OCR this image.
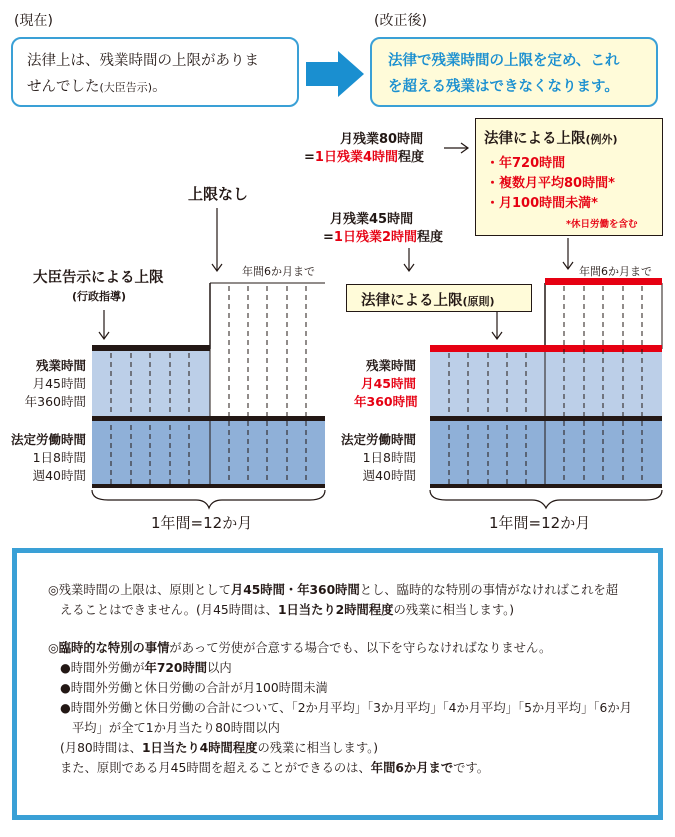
(現在)	(改正後)
法律上は、残業時間の上限がありま
せんでした(大臣告示)。
法律で残業時間の上限を定め、これ
を超える残業はできなくなります。
上限なし
大臣告示による上限
(行政指導)
年間6か月まで
残業時間
月45時間
年360時間
法定労働時間
1日8時間
週40時間
1年間=12か月
月残業80時間
=1日残業4時間程度
月残業45時間
=1日残業2時間程度
法律による上限(例外)
・年720時間
・複数月平均80時間*
・月100時間未満*
*休日労働を含む
法律による上限(原則)
年間6か月まで
残業時間
月45時間
年360時間
法定労働時間
1日8時間
週40時間
1年間=12か月
◎残業時間の上限は、原則として月45時間・年360時間とし、臨時的な特別の事情がなければこれを超
えることはできません。(月45時間は、1日当たり2時間程度の残業に相当します。)
◎臨時的な特別の事情があって労使が合意する場合でも、以下を守らなければなりません。
●時間外労働が年720時間以内
●時間外労働と休日労働の合計が月100時間未満
●時間外労働と休日労働の合計について、「2か月平均」「3か月平均」「4か月平均」「5か月平均」「6か月
平均」が全て1か月当たり80時間以内
(月80時間は、1日当たり4時間程度の残業に相当します。)
また、原則である月45時間を超えることができるのは、年間6か月までです。
